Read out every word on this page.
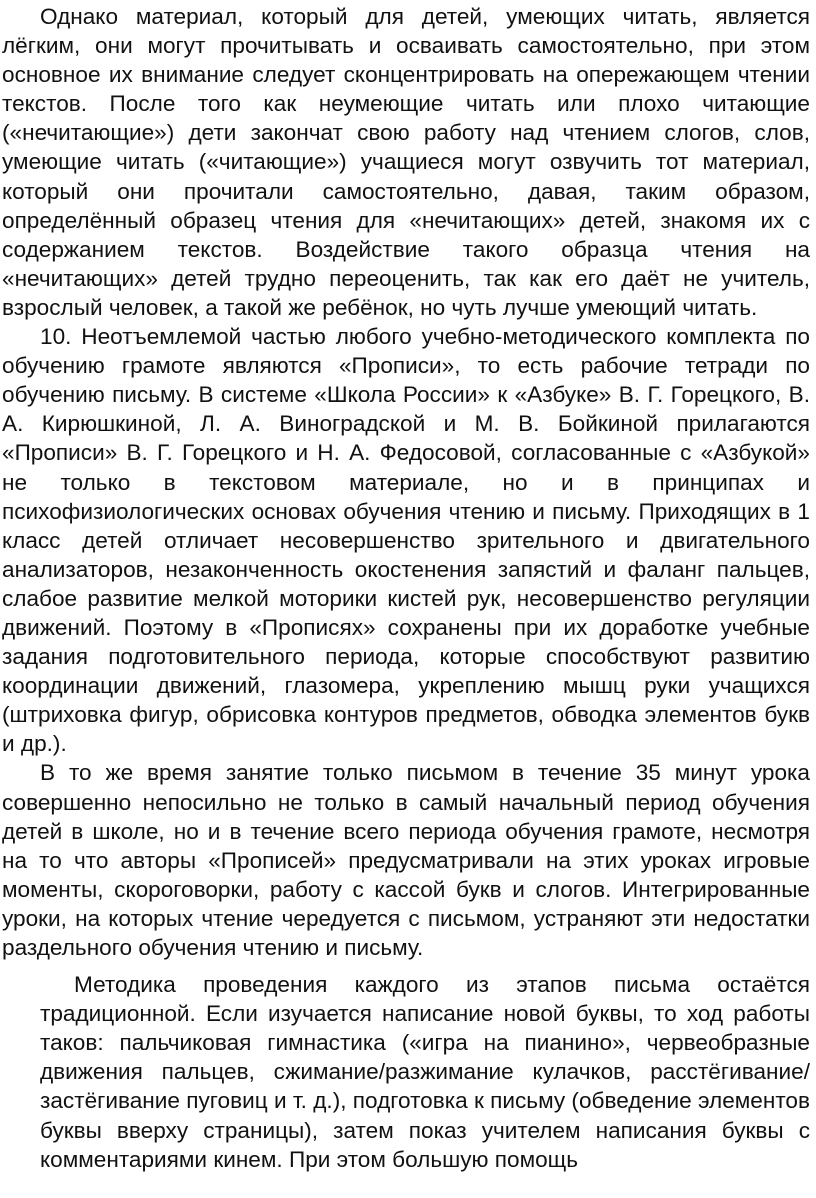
Однако материал, который для детей, умеющих читать, является лёгким, они могут прочитывать и осваивать самостоятельно, при этом основное их внимание следует сконцентрировать на опережающем чтении текстов. После того как неумеющие читать или плохо читающие («нечитающие») дети закончат свою работу над чтением слогов, слов, умеющие читать («читающие») учащиеся могут озвучить тот материал, который они прочитали самостоятельно, давая, таким образом, определённый образец чтения для «нечитающих» детей, знакомя их с содержанием текстов. Воздействие такого образца чтения на «нечитающих» детей трудно переоценить, так как его даёт не учитель, взрослый человек, а такой же ребёнок, но чуть лучше умеющий читать.

10. Неотъемлемой частью любого учебно-методического комплекта по обучению грамоте являются «Прописи», то есть рабочие тетради по обучению письму. В системе «Школа России» к «Азбуке» В. Г. Горецкого, В. А. Кирюшкиной, Л. А. Виноградской и М. В. Бойкиной прилагаются «Прописи» В. Г. Горецкого и Н. А. Федосовой, согласованные с «Азбукой» не только в текстовом материале, но и в принципах и психофизиологических основах обучения чтению и письму. Приходящих в 1 класс детей отличает несовершенство зрительного и двигательного анализаторов, незаконченность окостенения запястий и фаланг пальцев, слабое развитие мелкой моторики кистей рук, несовершенство регуляции движений. Поэтому в «Прописях» сохранены при их доработке учебные задания подготовительного периода, которые способствуют развитию координации движений, глазомера, укреплению мышц руки учащихся (штриховка фигур, обрисовка контуров предметов, обводка элементов букв и др.).

В то же время занятие только письмом в течение 35 минут урока совершенно непосильно не только в самый начальный период обучения детей в школе, но и в течение всего периода обучения грамоте, несмотря на то что авторы «Прописей» предусматривали на этих уроках игровые моменты, скороговорки, работу с кассой букв и слогов. Интегрированные уроки, на которых чтение чередуется с письмом, устраняют эти недостатки раздельного обучения чтению и письму.

Методика проведения каждого из этапов письма остаётся традиционной. Если изучается написание новой буквы, то ход работы таков: пальчиковая гимнастика («игра на пианино», червеобразные движения пальцев, сжимание/разжимание кулачков, расстёгивание/застёгивание пуговиц и т. д.), подготовка к письму (обведение элементов буквы вверху страницы), затем показ учителем написания буквы с комментариями кинем. При этом большую помощь
